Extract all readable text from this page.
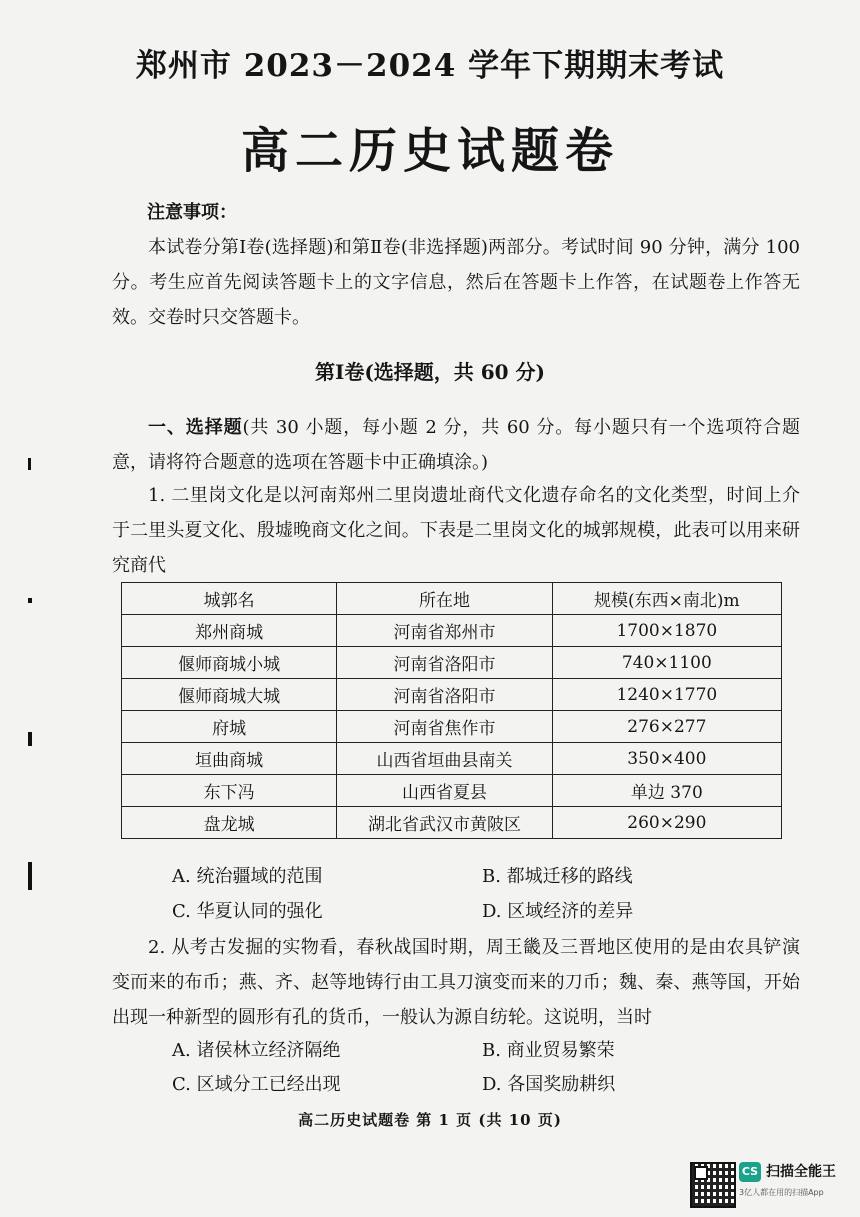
郑州市 2023－2024 学年下期期末考试
高二历史试题卷
注意事项：
本试卷分第Ⅰ卷(选择题)和第Ⅱ卷(非选择题)两部分。考试时间 90 分钟，满分 100 分。考生应首先阅读答题卡上的文字信息，然后在答题卡上作答，在试题卷上作答无效。交卷时只交答题卡。
第Ⅰ卷(选择题，共 60 分)
一、选择题(共 30 小题，每小题 2 分，共 60 分。每小题只有一个选项符合题意，请将符合题意的选项在答题卡中正确填涂。)
1. 二里岗文化是以河南郑州二里岗遗址商代文化遗存命名的文化类型，时间上介于二里头夏文化、殷墟晚商文化之间。下表是二里岗文化的城郭规模，此表可以用来研究商代
城郭名	所在地	规模(东西×南北)m
郑州商城	河南省郑州市	1700×1870
偃师商城小城	河南省洛阳市	740×1100
偃师商城大城	河南省洛阳市	1240×1770
府城	河南省焦作市	276×277
垣曲商城	山西省垣曲县南关	350×400
东下冯	山西省夏县	单边 370
盘龙城	湖北省武汉市黄陂区	260×290
A. 统治疆域的范围	B. 都城迁移的路线
C. 华夏认同的强化	D. 区域经济的差异
2. 从考古发掘的实物看，春秋战国时期，周王畿及三晋地区使用的是由农具铲演变而来的布币；燕、齐、赵等地铸行由工具刀演变而来的刀币；魏、秦、燕等国，开始出现一种新型的圆形有孔的货币，一般认为源自纺轮。这说明，当时
A. 诸侯林立经济隔绝	B. 商业贸易繁荣
C. 区域分工已经出现	D. 各国奖励耕织
高二历史试题卷 第 1 页 (共 10 页)
CS 扫描全能王
3亿人都在用的扫描App
